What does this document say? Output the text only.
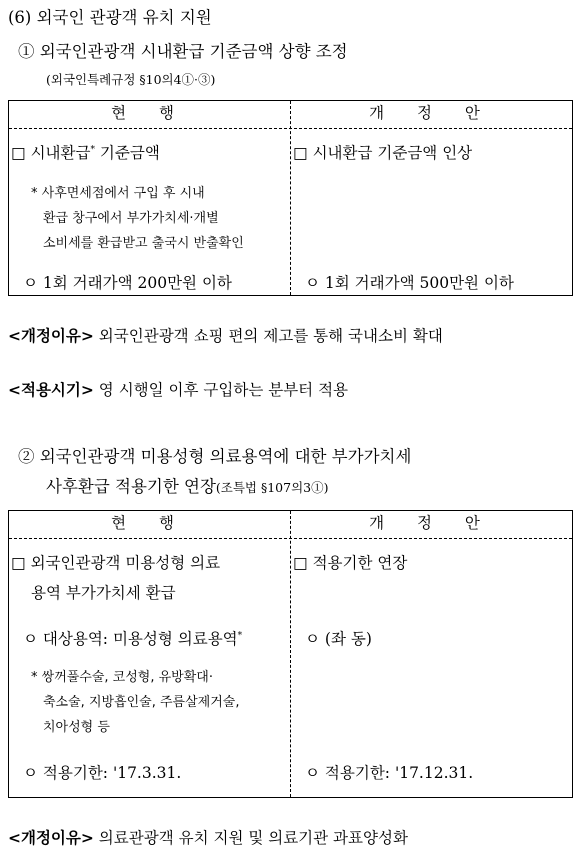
(6) 외국인 관광객 유치 지원
① 외국인관광객 시내환급 기준금액 상향 조정
(외국인특례규정 §10의4①·③)
현 행	개 정 안
□ 시내환급* 기준금액
* 사후면세점에서 구입 후 시내
환급 창구에서 부가가치세·개별
소비세를 환급받고 출국시 반출확인
ㅇ 1회 거래가액 200만원 이하
□ 시내환급 기준금액 인상
ㅇ 1회 거래가액 500만원 이하
<개정이유> 외국인관광객 쇼핑 편의 제고를 통해 국내소비 확대
<적용시기> 영 시행일 이후 구입하는 분부터 적용
② 외국인관광객 미용성형 의료용역에 대한 부가가치세
사후환급 적용기한 연장(조특법 §107의3①)
현 행	개 정 안
□ 외국인관광객 미용성형 의료
용역 부가가치세 환급
ㅇ 대상용역: 미용성형 의료용역*
* 쌍꺼풀수술, 코성형, 유방확대·
축소술, 지방흡인술, 주름살제거술,
치아성형 등
ㅇ 적용기한: '17.3.31.
□ 적용기한 연장
ㅇ (좌 동)
ㅇ 적용기한: '17.12.31.
<개정이유> 의료관광객 유치 지원 및 의료기관 과표양성화
